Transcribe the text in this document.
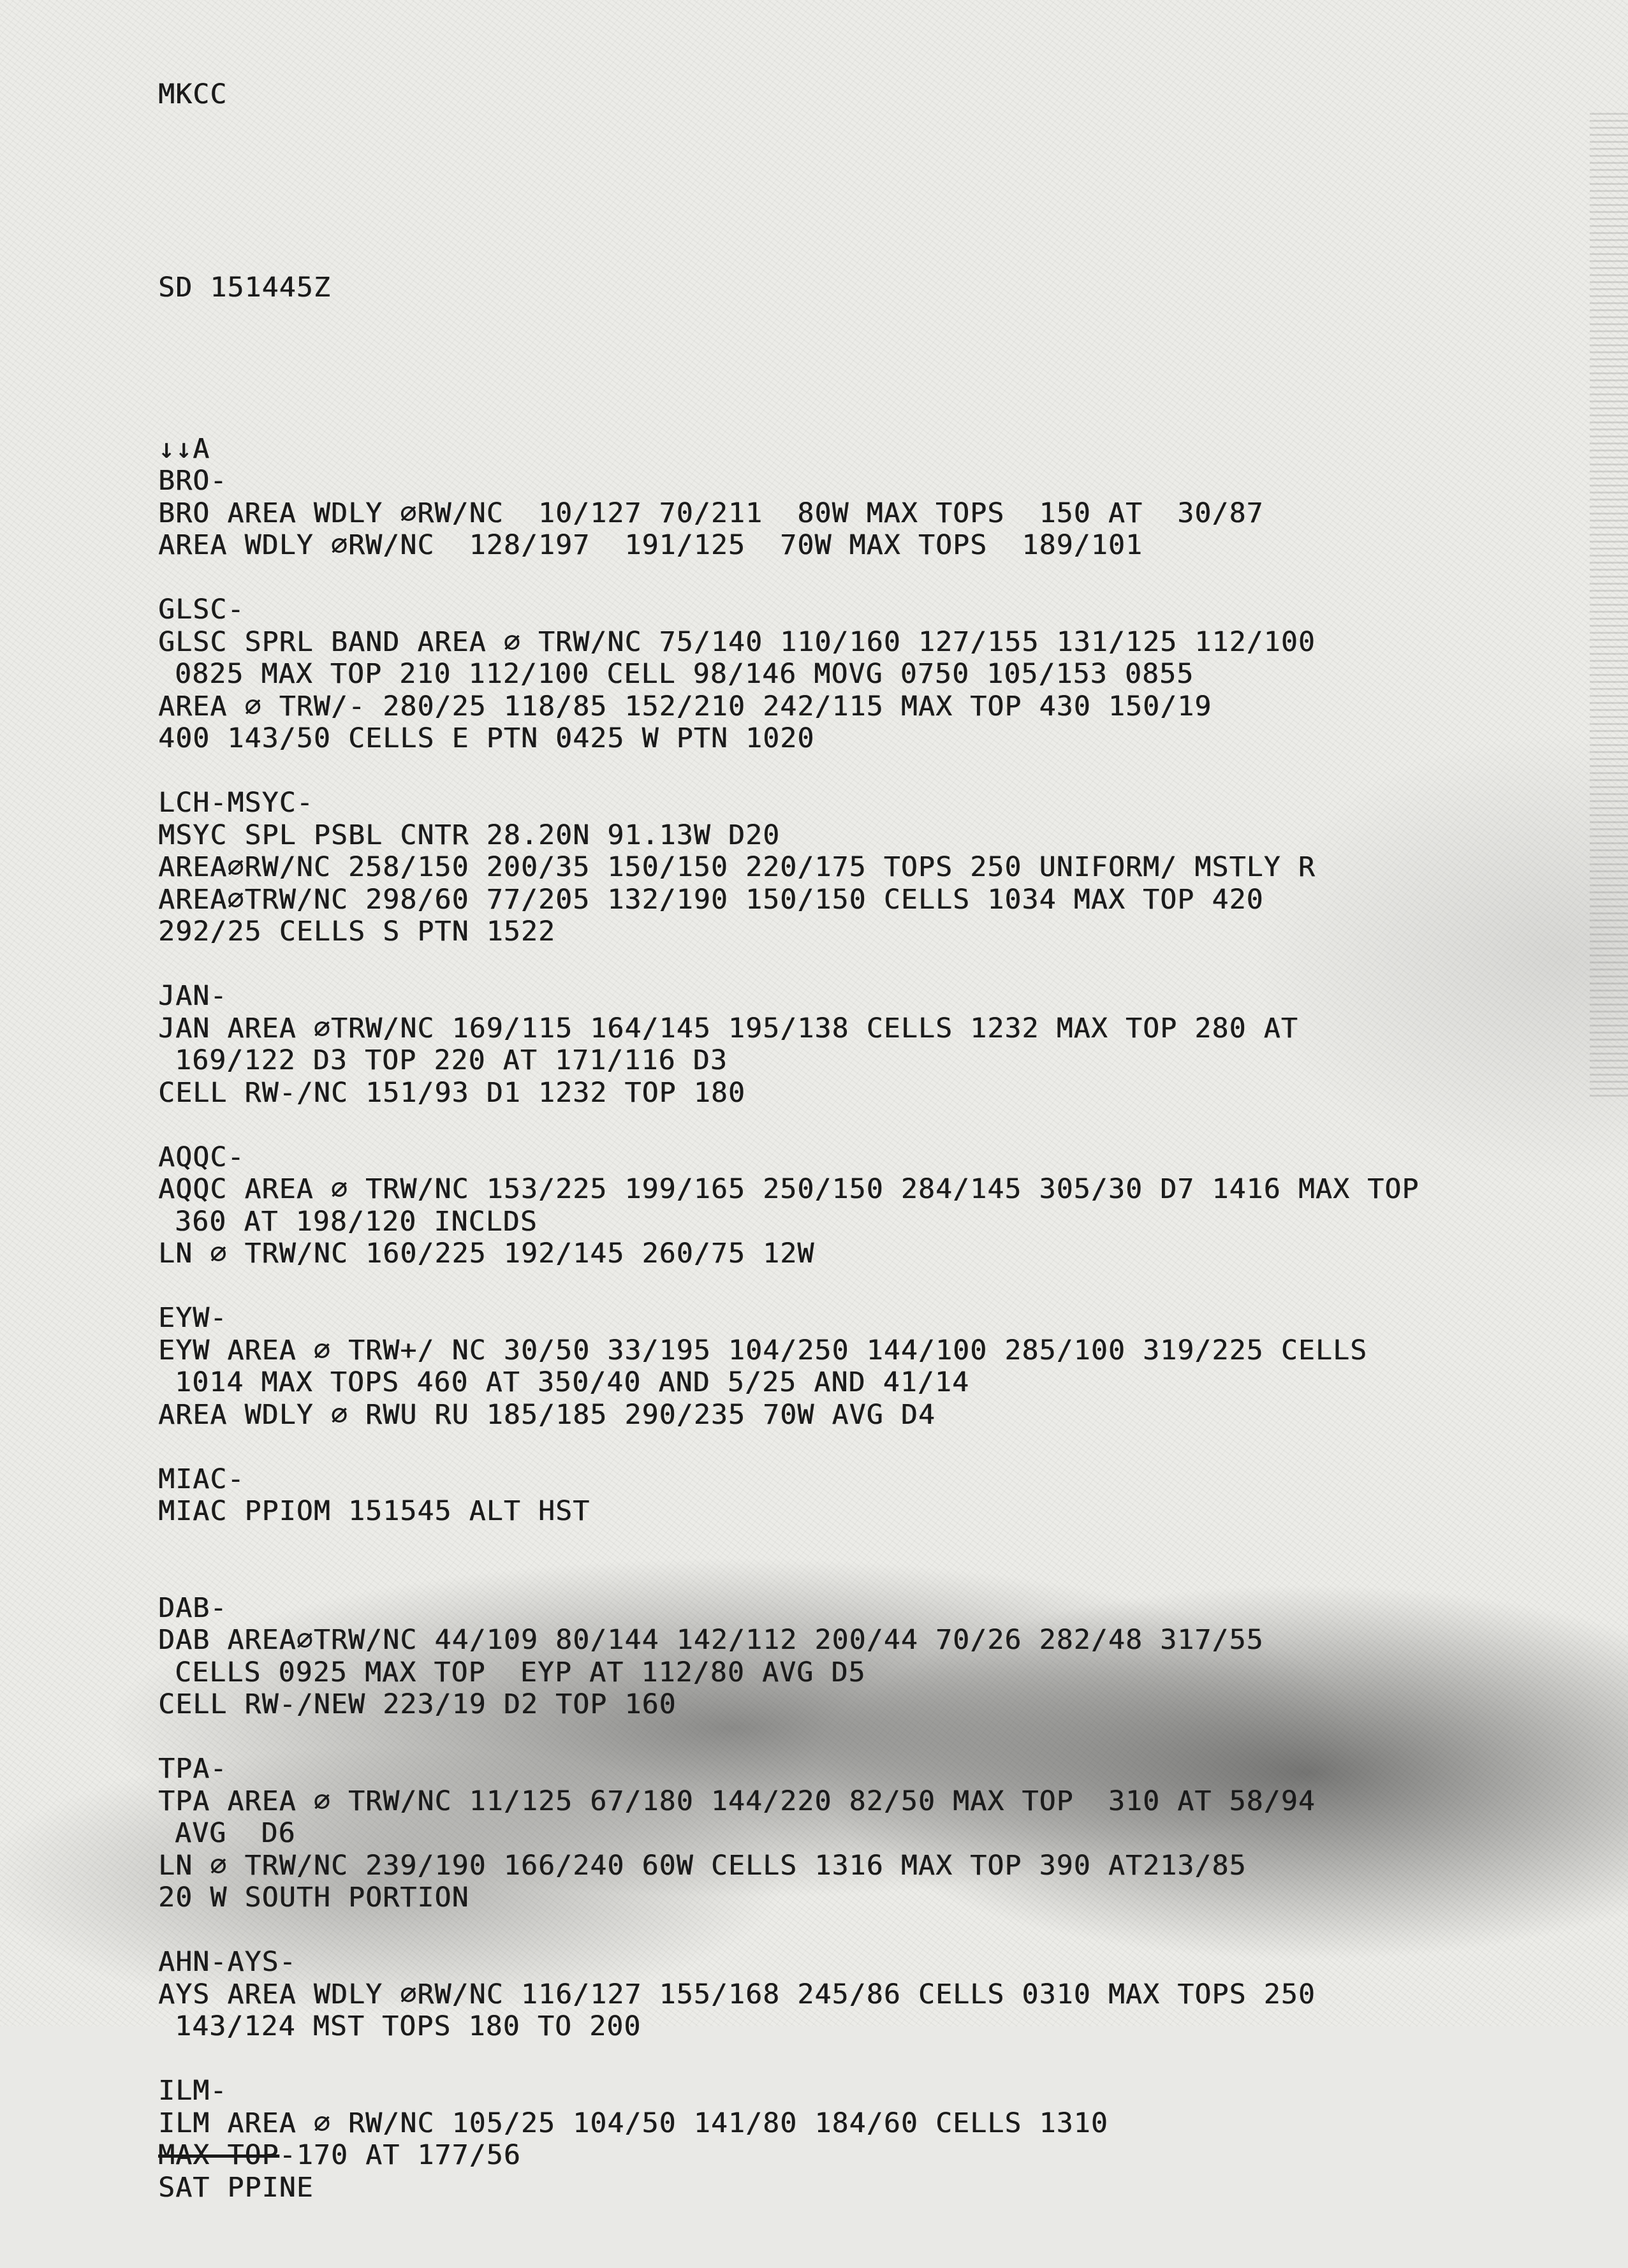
MKCC

SD 151445Z

↓↓A
BRO-
BRO AREA WDLY ⌀RW/NC  10/127 70/211  80W MAX TOPS  150 AT  30/87
AREA WDLY ⌀RW/NC  128/197  191/125  70W MAX TOPS  189/101
GLSC-
GLSC SPRL BAND AREA ⌀ TRW/NC 75/140 110/160 127/155 131/125 112/100
0825 MAX TOP 210 112/100 CELL 98/146 MOVG 0750 105/153 0855
AREA ⌀ TRW/- 280/25 118/85 152/210 242/115 MAX TOP 430 150/19
400 143/50 CELLS E PTN 0425 W PTN 1020
LCH-MSYC-
MSYC SPL PSBL CNTR 28.20N 91.13W D20
AREA⌀RW/NC 258/150 200/35 150/150 220/175 TOPS 250 UNIFORM/ MSTLY R
AREA⌀TRW/NC 298/60 77/205 132/190 150/150 CELLS 1034 MAX TOP 420
292/25 CELLS S PTN 1522
JAN-
JAN AREA ⌀TRW/NC 169/115 164/145 195/138 CELLS 1232 MAX TOP 280 AT
169/122 D3 TOP 220 AT 171/116 D3
CELL RW-/NC 151/93 D1 1232 TOP 180
AQQC-
AQQC AREA ⌀ TRW/NC 153/225 199/165 250/150 284/145 305/30 D7 1416 MAX TOP
360 AT 198/120 INCLDS
LN ⌀ TRW/NC 160/225 192/145 260/75 12W
EYW-
EYW AREA ⌀ TRW+/ NC 30/50 33/195 104/250 144/100 285/100 319/225 CELLS
1014 MAX TOPS 460 AT 350/40 AND 5/25 AND 41/14
AREA WDLY ⌀ RWU RU 185/185 290/235 70W AVG D4
MIAC-
MIAC PPIOM 151545 ALT HST
DAB-
DAB AREA⌀TRW/NC 44/109 80/144 142/112 200/44 70/26 282/48 317/55
CELLS 0925 MAX TOP  EYP AT 112/80 AVG D5
CELL RW-/NEW 223/19 D2 TOP 160
TPA-
TPA AREA ⌀ TRW/NC 11/125 67/180 144/220 82/50 MAX TOP  310 AT 58/94
AVG  D6
LN ⌀ TRW/NC 239/190 166/240 60W CELLS 1316 MAX TOP 390 AT213/85
20 W SOUTH PORTION
AHN-AYS-
AYS AREA WDLY ⌀RW/NC 116/127 155/168 245/86 CELLS 0310 MAX TOPS 250
143/124 MST TOPS 180 TO 200
ILM-
ILM AREA ⌀ RW/NC 105/25 104/50 141/80 184/60 CELLS 1310
MAX TOP-170 AT 177/56
SAT PPINE
